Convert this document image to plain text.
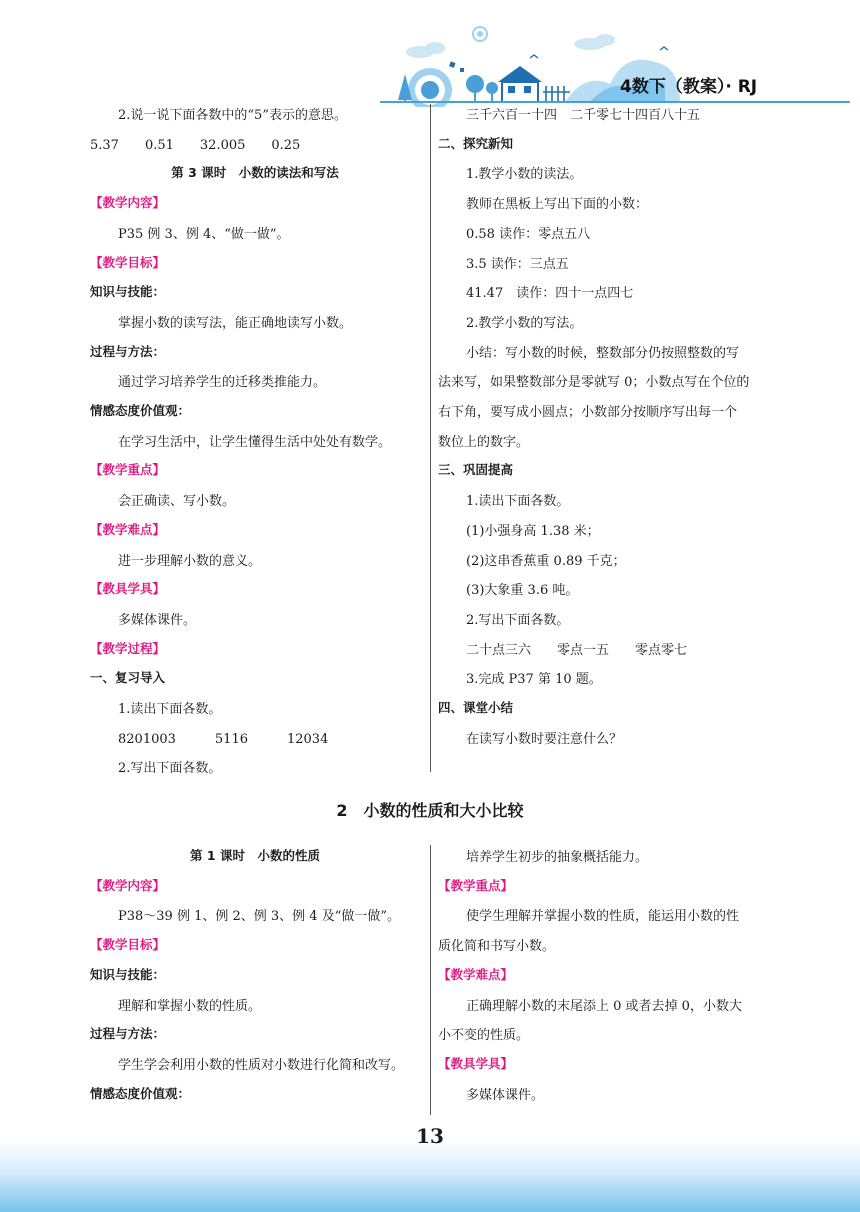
4数下（教案）· RJ
2.说一说下面各数中的“5”表示的意思。
5.37　　0.51　　32.005　　0.25
第 3 课时　小数的读法和写法
【教学内容】
P35 例 3、例 4、“做一做”。
【教学目标】
知识与技能：
掌握小数的读写法，能正确地读写小数。
过程与方法：
通过学习培养学生的迁移类推能力。
情感态度价值观：
在学习生活中，让学生懂得生活中处处有数学。
【教学重点】
会正确读、写小数。
【教学难点】
进一步理解小数的意义。
【教具学具】
多媒体课件。
【教学过程】
一、复习导入
1.读出下面各数。
8201003　　　5116　　　12034
2.写出下面各数。
三千六百一十四　二千零七十四百八十五
二、探究新知
1.教学小数的读法。
教师在黑板上写出下面的小数：
0.58 读作：零点五八
3.5 读作：三点五
41.47　读作：四十一点四七
2.教学小数的写法。
小结：写小数的时候，整数部分仍按照整数的写
法来写，如果整数部分是零就写 0；小数点写在个位的
右下角，要写成小圆点；小数部分按顺序写出每一个
数位上的数字。
三、巩固提高
1.读出下面各数。
(1)小强身高 1.38 米；
(2)这串香蕉重 0.89 千克；
(3)大象重 3.6 吨。
2.写出下面各数。
二十点三六　　零点一五　　零点零七
3.完成 P37 第 10 题。
四、课堂小结
在读写小数时要注意什么？
2　小数的性质和大小比较
第 1 课时　小数的性质
【教学内容】
P38～39 例 1、例 2、例 3、例 4 及“做一做”。
【教学目标】
知识与技能：
理解和掌握小数的性质。
过程与方法：
学生学会利用小数的性质对小数进行化简和改写。
情感态度价值观：
培养学生初步的抽象概括能力。
【教学重点】
使学生理解并掌握小数的性质，能运用小数的性
质化简和书写小数。
【教学难点】
正确理解小数的末尾添上 0 或者去掉 0，小数大
小不变的性质。
【教具学具】
多媒体课件。
13
